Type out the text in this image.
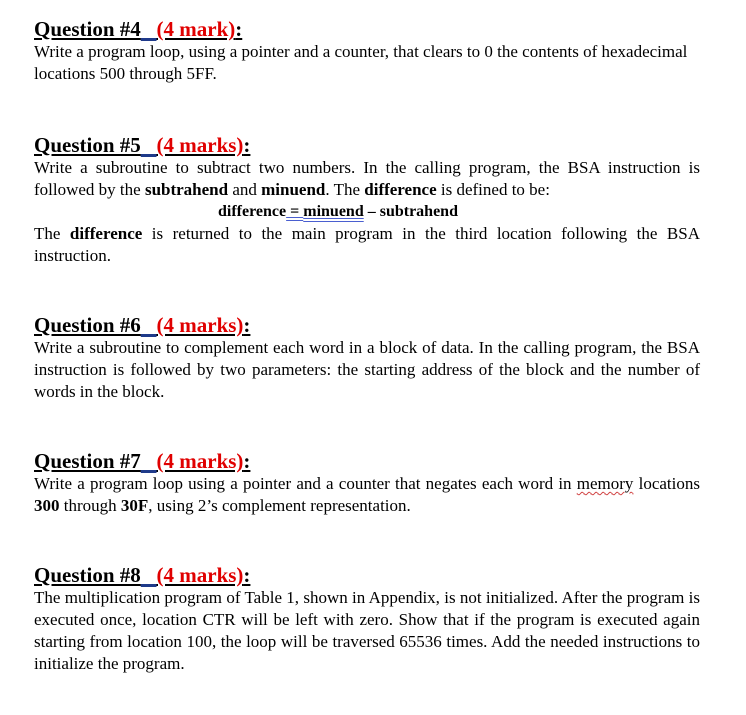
Question #4 (4 mark):

Write a program loop, using a pointer and a counter, that clears to 0 the contents of hexadecimal locations 500 through 5FF.

Question #5 (4 marks):

Write a subroutine to subtract two numbers. In the calling program, the BSA instruction is followed by the subtrahend and minuend. The difference is defined to be:

difference = minuend – subtrahend

The difference is returned to the main program in the third location following the BSA instruction.

Question #6 (4 marks):

Write a subroutine to complement each word in a block of data. In the calling program, the BSA instruction is followed by two parameters: the starting address of the block and the number of words in the block.

Question #7 (4 marks):

Write a program loop using a pointer and a counter that negates each word in memory locations 300 through 30F, using 2’s complement representation.

Question #8 (4 marks):

The multiplication program of Table 1, shown in Appendix, is not initialized. After the program is executed once, location CTR will be left with zero. Show that if the program is executed again starting from location 100, the loop will be traversed 65536 times. Add the needed instructions to initialize the program.
